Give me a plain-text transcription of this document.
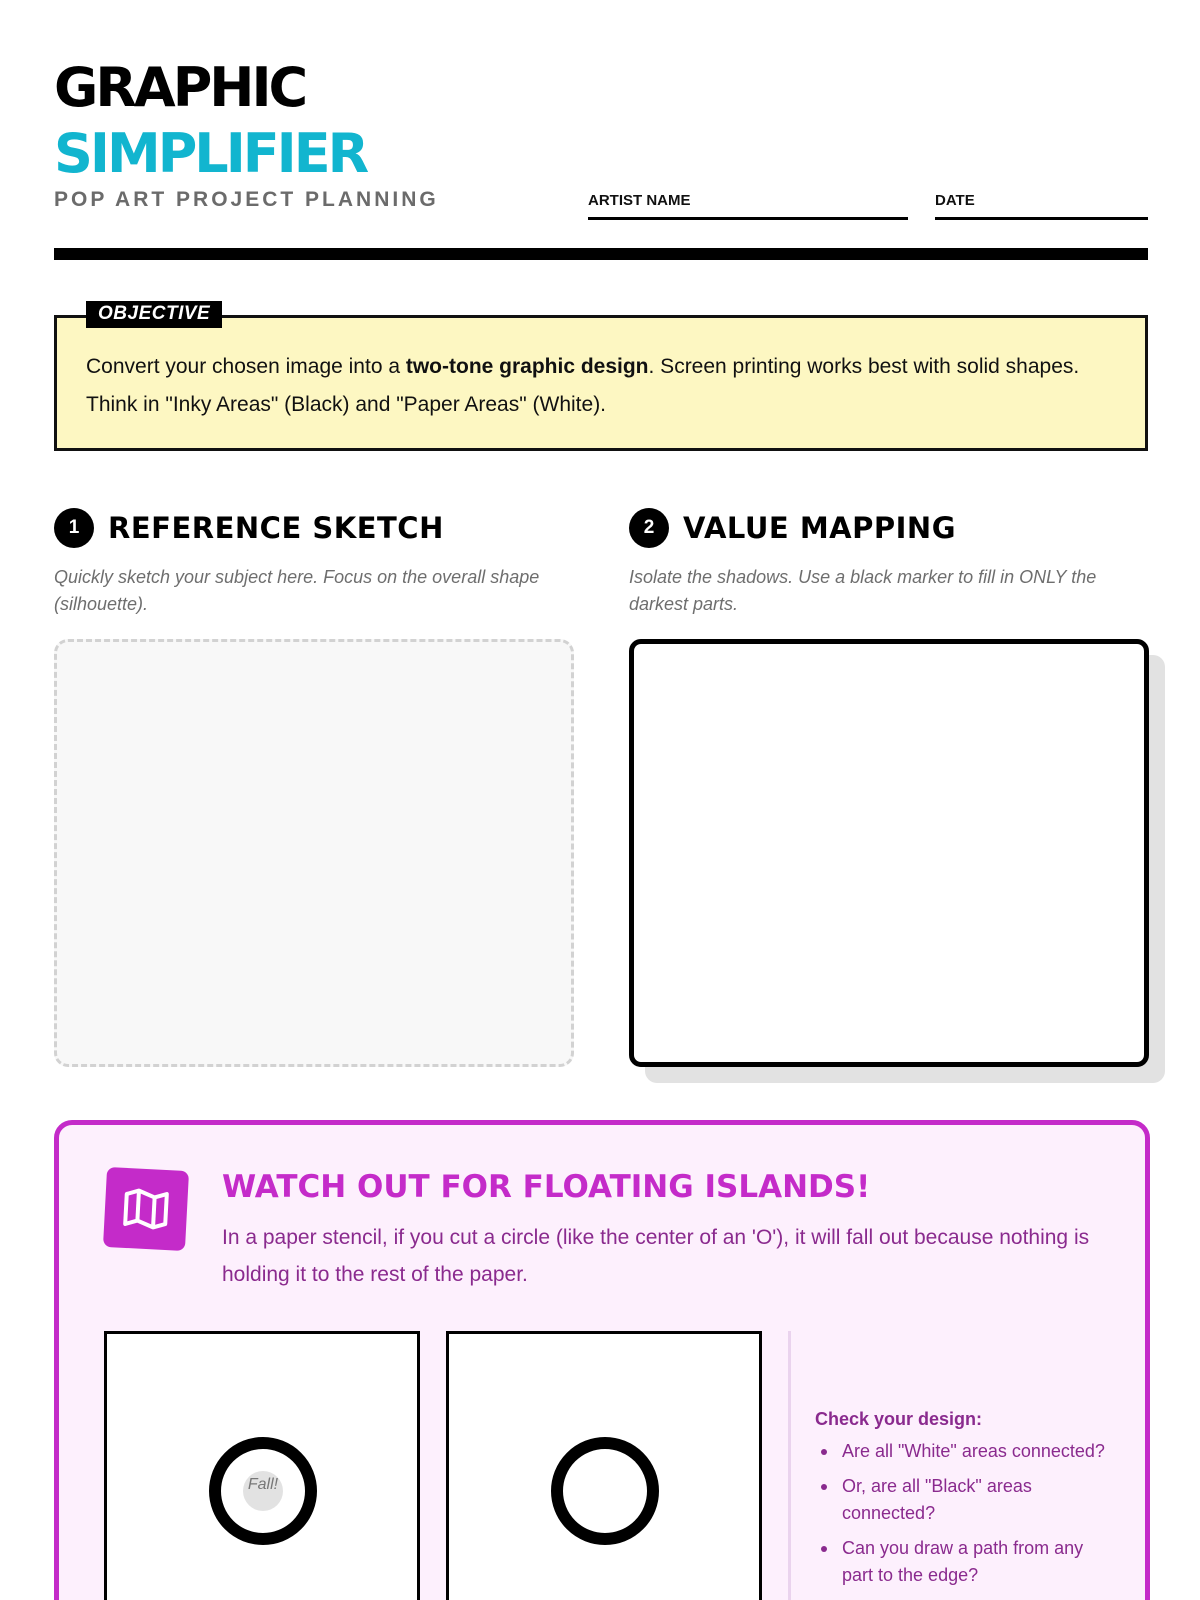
GRAPHIC
SIMPLIFIER
POP ART PROJECT PLANNING	ARTIST NAME	DATE
OBJECTIVE

Convert your chosen image into a two-tone graphic design. Screen printing works best with solid shapes. Think in "Inky Areas" (Black) and "Paper Areas" (White).

1 REFERENCE SKETCH
Quickly sketch your subject here. Focus on the overall shape (silhouette).
2 VALUE MAPPING
Isolate the shadows. Use a black marker to fill in ONLY the darkest parts.
WATCH OUT FOR FLOATING ISLANDS!
In a paper stencil, if you cut a circle (like the center of an 'O'), it will fall out because nothing is holding it to the rest of the paper.
Fall!
Check your design:
Are all "White" areas connected?
Or, are all "Black" areas connected?
Can you draw a path from any part to the edge?
